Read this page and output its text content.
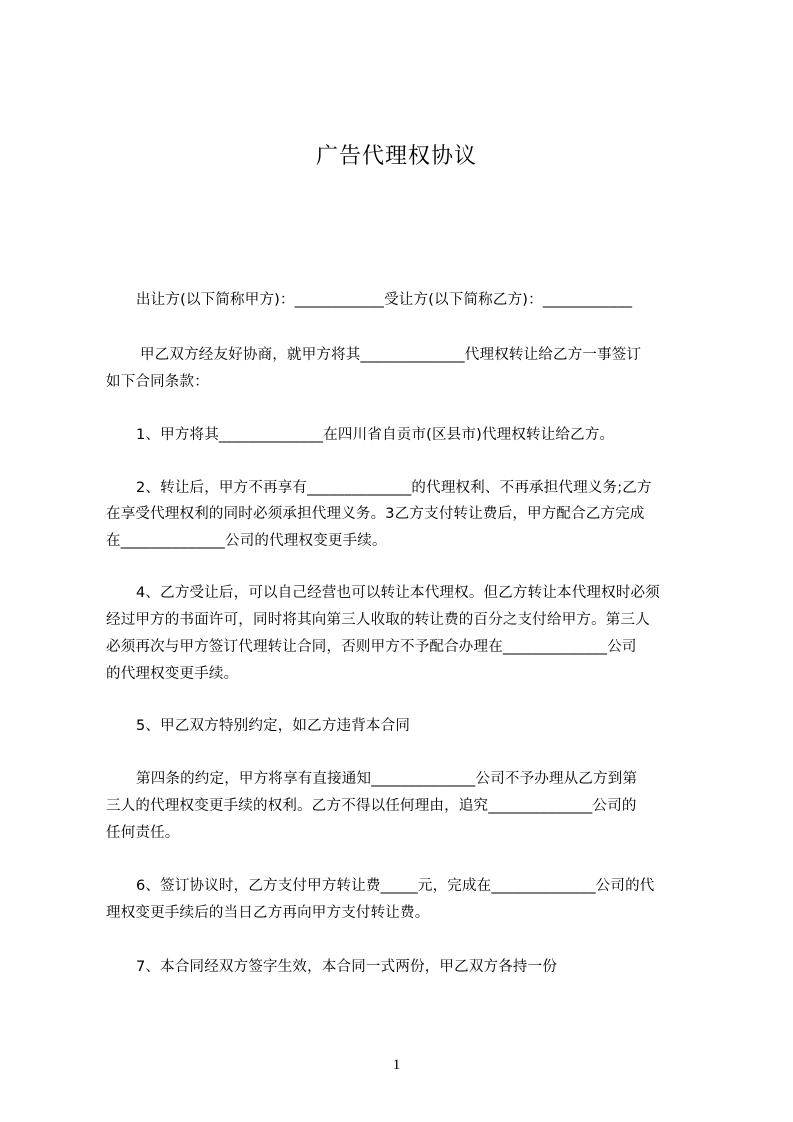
广告代理权协议
出让方(以下简称甲方)：____________受让方(以下简称乙方)：____________
甲乙双方经友好协商，就甲方将其______________代理权转让给乙方一事签订
如下合同条款：
1、甲方将其______________在四川省自贡市(区县市)代理权转让给乙方。
2、转让后，甲方不再享有______________的代理权利、不再承担代理义务;乙方
在享受代理权利的同时必须承担代理义务。3乙方支付转让费后，甲方配合乙方完成
在______________公司的代理权变更手续。
4、乙方受让后，可以自己经营也可以转让本代理权。但乙方转让本代理权时必须
经过甲方的书面许可，同时将其向第三人收取的转让费的百分之支付给甲方。第三人
必须再次与甲方签订代理转让合同，否则甲方不予配合办理在______________公司
的代理权变更手续。
5、甲乙双方特别约定，如乙方违背本合同
第四条的约定，甲方将享有直接通知______________公司不予办理从乙方到第
三人的代理权变更手续的权利。乙方不得以任何理由，追究______________公司的
任何责任。
6、签订协议时，乙方支付甲方转让费_____元，完成在______________公司的代
理权变更手续后的当日乙方再向甲方支付转让费。
7、本合同经双方签字生效，本合同一式两份，甲乙双方各持一份
1
